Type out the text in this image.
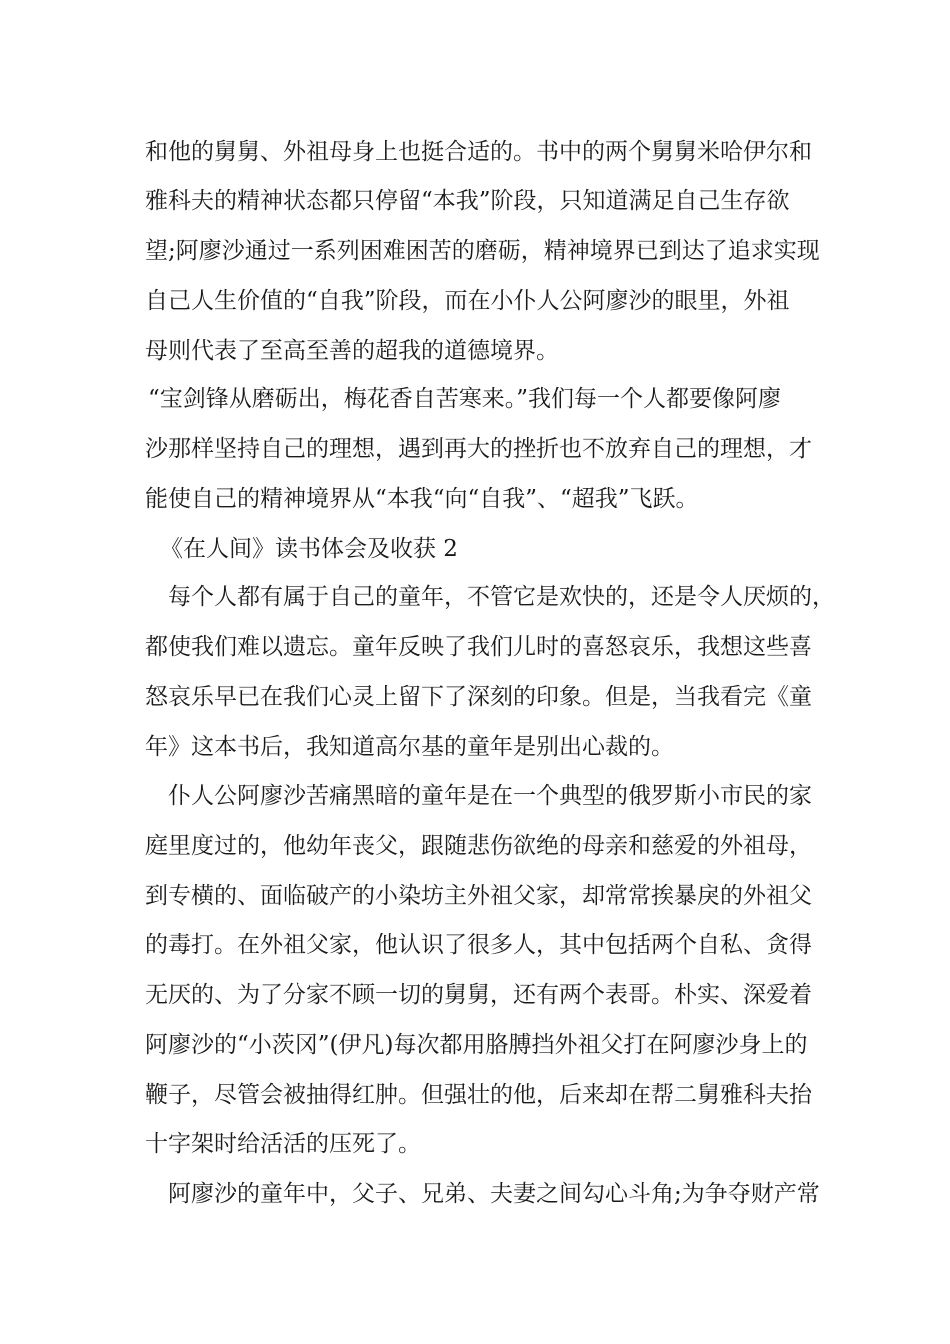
和他的舅舅、外祖母身上也挺合适的。书中的两个舅舅米哈伊尔和
雅科夫的精神状态都只停留“本我”阶段，只知道满足自己生存欲
望;阿廖沙通过一系列困难困苦的磨砺，精神境界已到达了追求实现
自己人生价值的“自我”阶段，而在小仆人公阿廖沙的眼里，外祖
母则代表了至高至善的超我的道德境界。
“宝剑锋从磨砺出，梅花香自苦寒来。”我们每一个人都要像阿廖
沙那样坚持自己的理想，遇到再大的挫折也不放弃自己的理想，才
能使自己的精神境界从“本我“向“自我”、“超我”飞跃。
《在人间》读书体会及收获 2
每个人都有属于自己的童年，不管它是欢快的，还是令人厌烦的，
都使我们难以遗忘。童年反映了我们儿时的喜怒哀乐，我想这些喜
怒哀乐早已在我们心灵上留下了深刻的印象。但是，当我看完《童
年》这本书后，我知道高尔基的童年是别出心裁的。
仆人公阿廖沙苦痛黑暗的童年是在一个典型的俄罗斯小市民的家
庭里度过的，他幼年丧父，跟随悲伤欲绝的母亲和慈爱的外祖母，
到专横的、面临破产的小染坊主外祖父家，却常常挨暴戾的外祖父
的毒打。在外祖父家，他认识了很多人，其中包括两个自私、贪得
无厌的、为了分家不顾一切的舅舅，还有两个表哥。朴实、深爱着
阿廖沙的“小茨冈”(伊凡)每次都用胳膊挡外祖父打在阿廖沙身上的
鞭子，尽管会被抽得红肿。但强壮的他，后来却在帮二舅雅科夫抬
十字架时给活活的压死了。
阿廖沙的童年中，父子、兄弟、夫妻之间勾心斗角;为争夺财产常
